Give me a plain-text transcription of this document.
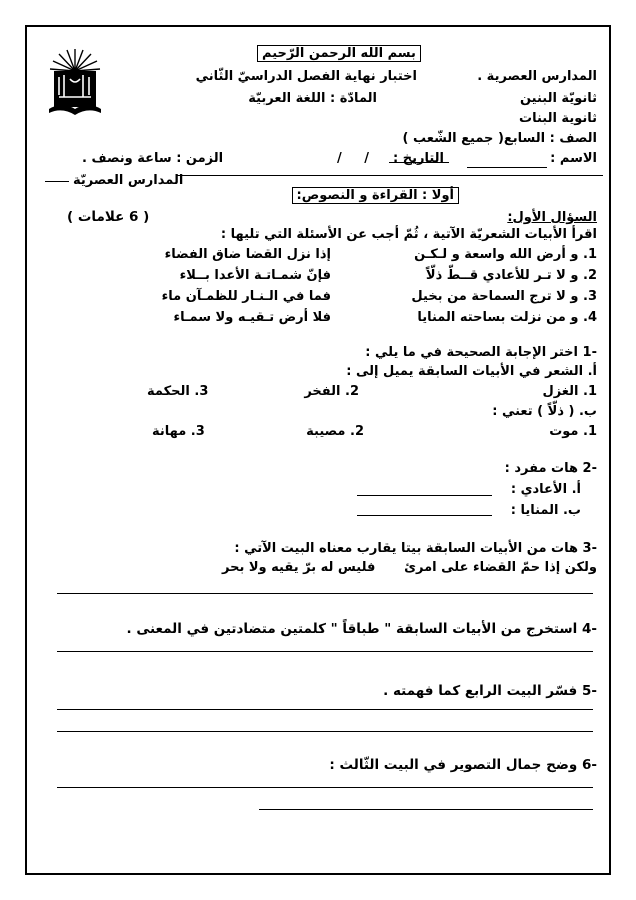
بسم الله الرحمن الرّحيم
المدارس العصرية .
ثانويّة البنين
ثانوية البنات
اختبار نهاية الفصل الدراسيّ الثّاني
المادّة : اللغة العربيّة
الصف : السابع( جميع الشّعب )
الاسم :
التاريخ :
/ /
الزمن : ساعة ونصف .
المدارس العصريّة
أولا : القراءة و النصوص:
السؤال الأول:
( 6 علامات )
اقرأ الأبيات الشعريّة الآتية ، ثُمّ أجب عن الأسئلة التي تليها :
1. و أرض الله واسعة و لـكـن
إذا نزل القضا ضاق الفضاء
2. و لا تـر للأعادي قــطّ ذلّاً
فإنّ شمـاتـة الأعدا بــلاء
3. و لا ترج السماحة من بخيل
فما في الـنـار للظمـآن ماء
4. و من نزلت بساحته المنايا
فلا أرض تـقيـه ولا سمـاء
-1 اختر الإجابة الصحيحة في ما يلي :
أ. الشعر في الأبيات السابقة يميل إلى :
1. الغزل
2. الفخر
3. الحكمة
ب. ( ذلّاً ) تعني :
1. موت
2. مصيبة
3. مهانة
-2 هات مفرد :
أ. الأعادي :
ب. المنايا :
-3 هات من الأبيات السابقة بيتا يقارب معناه البيت الآتي :
ولكن إذا حمّ القضاء على امرئ
فليس له برّ يقيه ولا بحر
-4 استخرج من الأبيات السابقة " طباقاً " كلمتين متضادتين في المعنى .
-5 فسّر البيت الرابع كما فهمته .
-6 وضح جمال التصوير في البيت الثّالث :
